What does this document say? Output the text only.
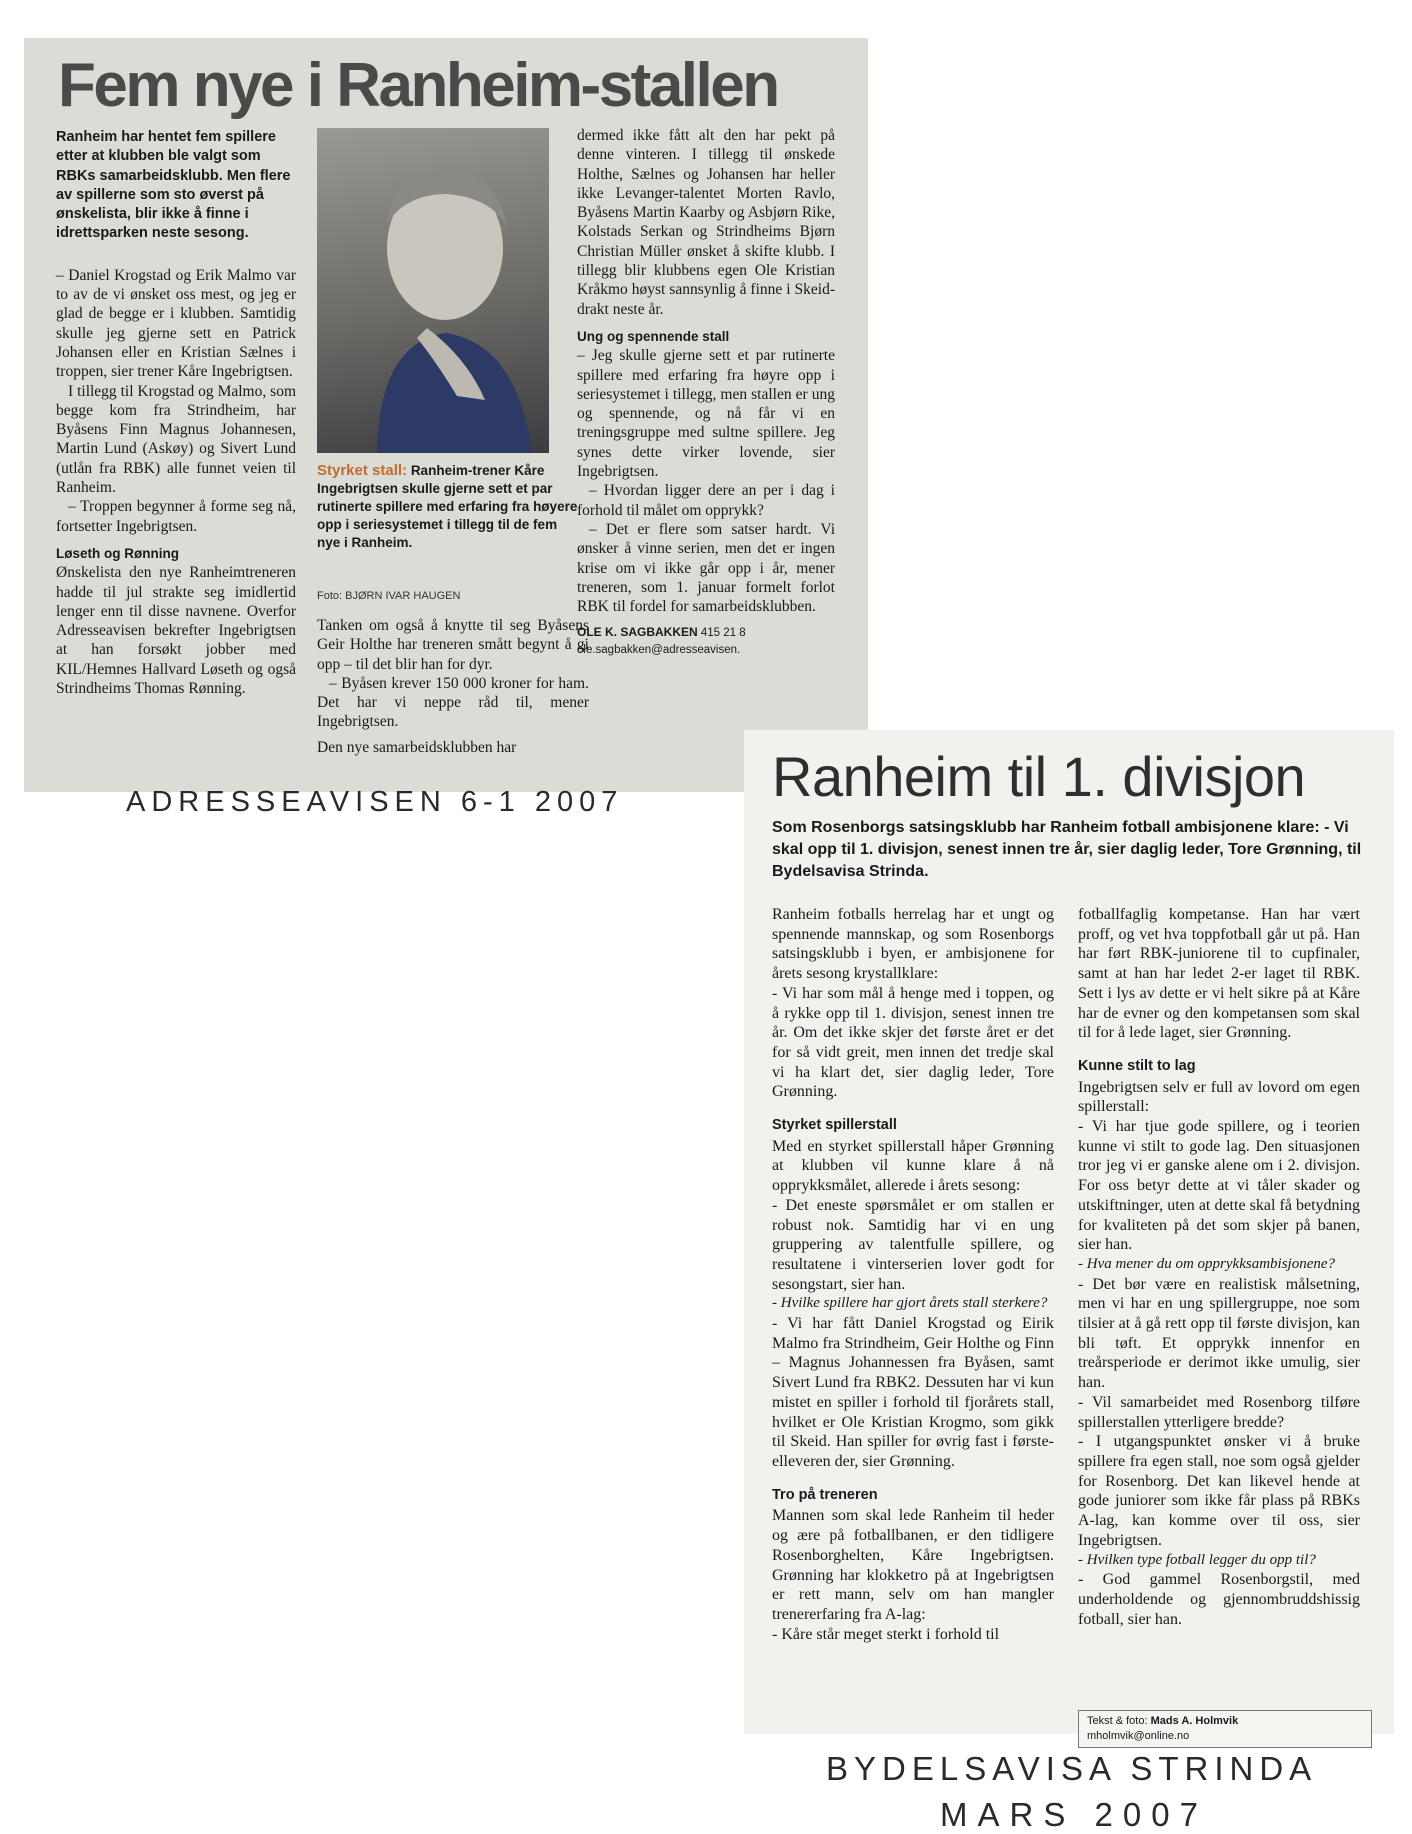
Fem nye i Ranheim-stallen

Ranheim har hentet fem spillere etter at klubben ble valgt som RBKs samarbeidsklubb. Men flere av spillerne som sto øverst på ønskelista, blir ikke å finne i idrettsparken neste sesong.

– Daniel Krogstad og Erik Malmo var to av de vi ønsket oss mest, og jeg er glad de begge er i klubben. Samtidig skulle jeg gjerne sett en Patrick Johansen eller en Kristian Sælnes i troppen, sier trener Kåre Ingebrigtsen.

I tillegg til Krogstad og Malmo, som begge kom fra Strindheim, har Byåsens Finn Magnus Johannesen, Martin Lund (Askøy) og Sivert Lund (utlån fra RBK) alle funnet veien til Ranheim.

– Troppen begynner å forme seg nå, fortsetter Ingebrigtsen.

Løseth og Rønning

Ønskelista den nye Ranheimtreneren hadde til jul strakte seg imidlertid lenger enn til disse navnene. Overfor Adresseavisen bekrefter Ingebrigtsen at han forsøkt jobber med KIL/Hemnes Hallvard Løseth og også Strindheims Thomas Rønning.

Styrket stall: Ranheim-trener Kåre Ingebrigtsen skulle gjerne sett et par rutinerte spillere med erfaring fra høyere opp i seriesystemet i tillegg til de fem nye i Ranheim.
Foto: BJØRN IVAR HAUGEN

Tanken om også å knytte til seg Byåsens Geir Holthe har treneren smått begynt å gi opp – til det blir han for dyr.

– Byåsen krever 150 000 kroner for ham. Det har vi neppe råd til, mener Ingebrigtsen.

Den nye samarbeidsklubben har

dermed ikke fått alt den har pekt på denne vinteren. I tillegg til ønskede Holthe, Sælnes og Johansen har heller ikke Levanger-talentet Morten Ravlo, Byåsens Martin Kaarby og Asbjørn Rike, Kolstads Serkan og Strindheims Bjørn Christian Müller ønsket å skifte klubb. I tillegg blir klubbens egen Ole Kristian Kråkmo høyst sannsynlig å finne i Skeid-drakt neste år.

Ung og spennende stall

– Jeg skulle gjerne sett et par rutinerte spillere med erfaring fra høyre opp i seriesystemet i tillegg, men stallen er ung og spennende, og nå får vi en treningsgruppe med sultne spillere. Jeg synes dette virker lovende, sier Ingebrigtsen.

– Hvordan ligger dere an per i dag i forhold til målet om opprykk?

– Det er flere som satser hardt. Vi ønsker å vinne serien, men det er ingen krise om vi ikke går opp i år, mener treneren, som 1. januar formelt forlot RBK til fordel for samarbeidsklubben.

OLE K. SAGBAKKEN 415 21 8
ole.sagbakken@adresseavisen.

ADRESSEAVISEN 6-1 2007	Ranheim til 1. divisjon

Som Rosenborgs satsingsklubb har Ranheim fotball ambisjonene klare: - Vi skal opp til 1. divisjon, senest innen tre år, sier daglig leder, Tore Grønning, til Bydelsavisa Strinda.

Ranheim fotballs herrelag har et ungt og spennende mannskap, og som Rosenborgs satsingsklubb i byen, er ambisjonene for årets sesong krystallklare:

- Vi har som mål å henge med i toppen, og å rykke opp til 1. divisjon, senest innen tre år. Om det ikke skjer det første året er det for så vidt greit, men innen det tredje skal vi ha klart det, sier daglig leder, Tore Grønning.

Styrket spillerstall

Med en styrket spillerstall håper Grønning at klubben vil kunne klare å nå opprykksmålet, allerede i årets sesong:

- Det eneste spørsmålet er om stallen er robust nok. Samtidig har vi en ung gruppering av talentfulle spillere, og resultatene i vinterserien lover godt for sesongstart, sier han.

- Hvilke spillere har gjort årets stall sterkere?

- Vi har fått Daniel Krogstad og Eirik Malmo fra Strindheim, Geir Holthe og Finn – Magnus Johannessen fra Byåsen, samt Sivert Lund fra RBK2. Dessuten har vi kun mistet en spiller i forhold til fjorårets stall, hvilket er Ole Kristian Krogmo, som gikk til Skeid. Han spiller for øvrig fast i første-elleveren der, sier Grønning.

Tro på treneren

Mannen som skal lede Ranheim til heder og ære på fotballbanen, er den tidligere Rosenborghelten, Kåre Ingebrigtsen. Grønning har klokketro på at Ingebrigtsen er rett mann, selv om han mangler trenererfaring fra A-lag:

- Kåre står meget sterkt i forhold til

fotballfaglig kompetanse. Han har vært proff, og vet hva toppfotball går ut på. Han har ført RBK-juniorene til to cupfinaler, samt at han har ledet 2-er laget til RBK. Sett i lys av dette er vi helt sikre på at Kåre har de evner og den kompetansen som skal til for å lede laget, sier Grønning.

Kunne stilt to lag

Ingebrigtsen selv er full av lovord om egen spillerstall:

- Vi har tjue gode spillere, og i teorien kunne vi stilt to gode lag. Den situasjonen tror jeg vi er ganske alene om i 2. divisjon. For oss betyr dette at vi tåler skader og utskiftninger, uten at dette skal få betydning for kvaliteten på det som skjer på banen, sier han.

- Hva mener du om opprykksambisjonene?

- Det bør være en realistisk målsetning, men vi har en ung spillergruppe, noe som tilsier at å gå rett opp til første divisjon, kan bli tøft. Et opprykk innenfor en treårsperiode er derimot ikke umulig, sier han.

- Vil samarbeidet med Rosenborg tilføre spillerstallen ytterligere bredde?

- I utgangspunktet ønsker vi å bruke spillere fra egen stall, noe som også gjelder for Rosenborg. Det kan likevel hende at gode juniorer som ikke får plass på RBKs A-lag, kan komme over til oss, sier Ingebrigtsen.

- Hvilken type fotball legger du opp til?

- God gammel Rosenborgstil, med underholdende og gjennombruddshissig fotball, sier han.

Tekst & foto: Mads A. Holmvik
mholmvik@online.no
BYDELSAVISA STRINDA
MARS 2007
